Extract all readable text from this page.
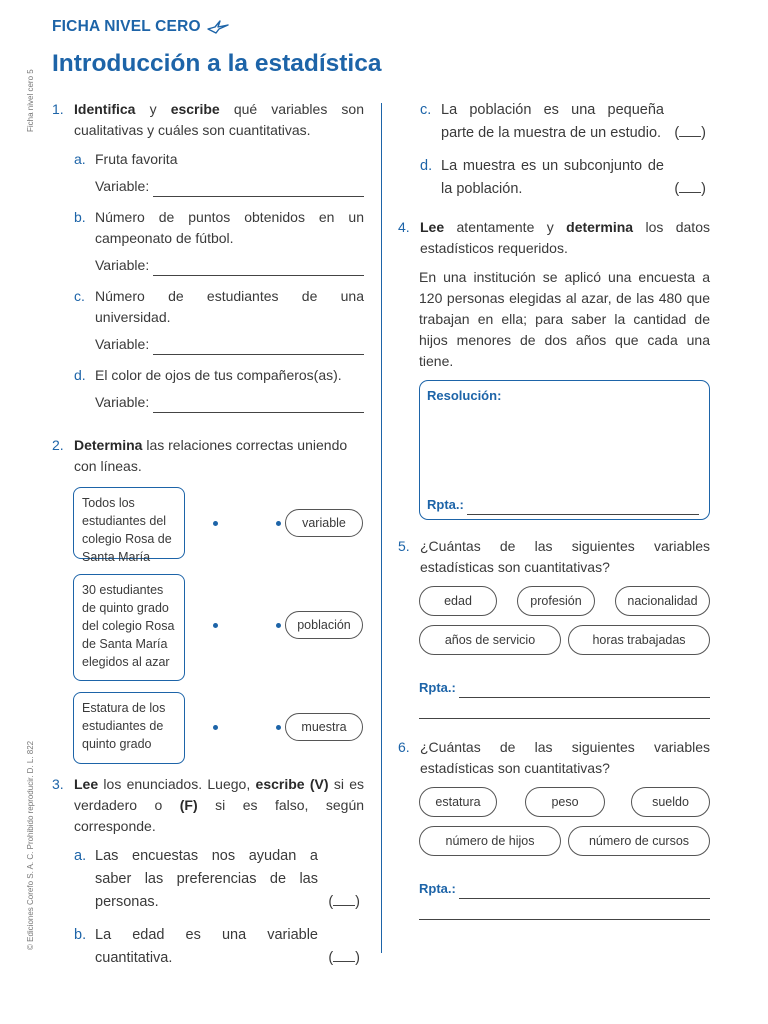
FICHA NIVEL CERO
Introducción a la estadística
Ficha nivel cero 5
© Ediciones Corefo S. A. C. Prohibido reproducir. D. L. 822
1. Identifica y escribe qué variables son cualitativas y cuáles son cuantitativas.
a. Fruta favorita
Variable:
b. Número de puntos obtenidos en un campeonato de fútbol.
Variable:
c. Número de estudiantes de una universidad.
Variable:
d. El color de ojos de tus compañeros(as).
Variable:
2. Determina las relaciones correctas uniendo con líneas.
Todos los estudiantes del colegio Rosa de Santa María
30 estudiantes de quinto grado del colegio Rosa de Santa María elegidos al azar
Estatura de los estudiantes de quinto grado
variable
población
muestra
3. Lee los enunciados. Luego, escribe (V) si es verdadero o (F) si es falso, según corresponde.
a. Las encuestas nos ayudan a saber las preferencias de las personas.	( )
b. La edad es una variable cuantitativa.	( )
c. La población es una pequeña parte de la muestra de un estudio. ( )
d. La muestra es un subconjunto de la población.	( )
4. Lee atentamente y determina los datos estadísticos requeridos.
En una institución se aplicó una encuesta a 120 personas elegidas al azar, de las 480 que trabajan en ella; para saber la cantidad de hijos menores de dos años que cada una tiene.
Resolución:
Rpta.:
5. ¿Cuántas de las siguientes variables estadísticas son cuantitativas?
edad	profesión	nacionalidad
años de servicio	horas trabajadas
Rpta.:
6. ¿Cuántas de las siguientes variables estadísticas son cuantitativas?
estatura	peso	sueldo
número de hijos	número de cursos
Rpta.:
